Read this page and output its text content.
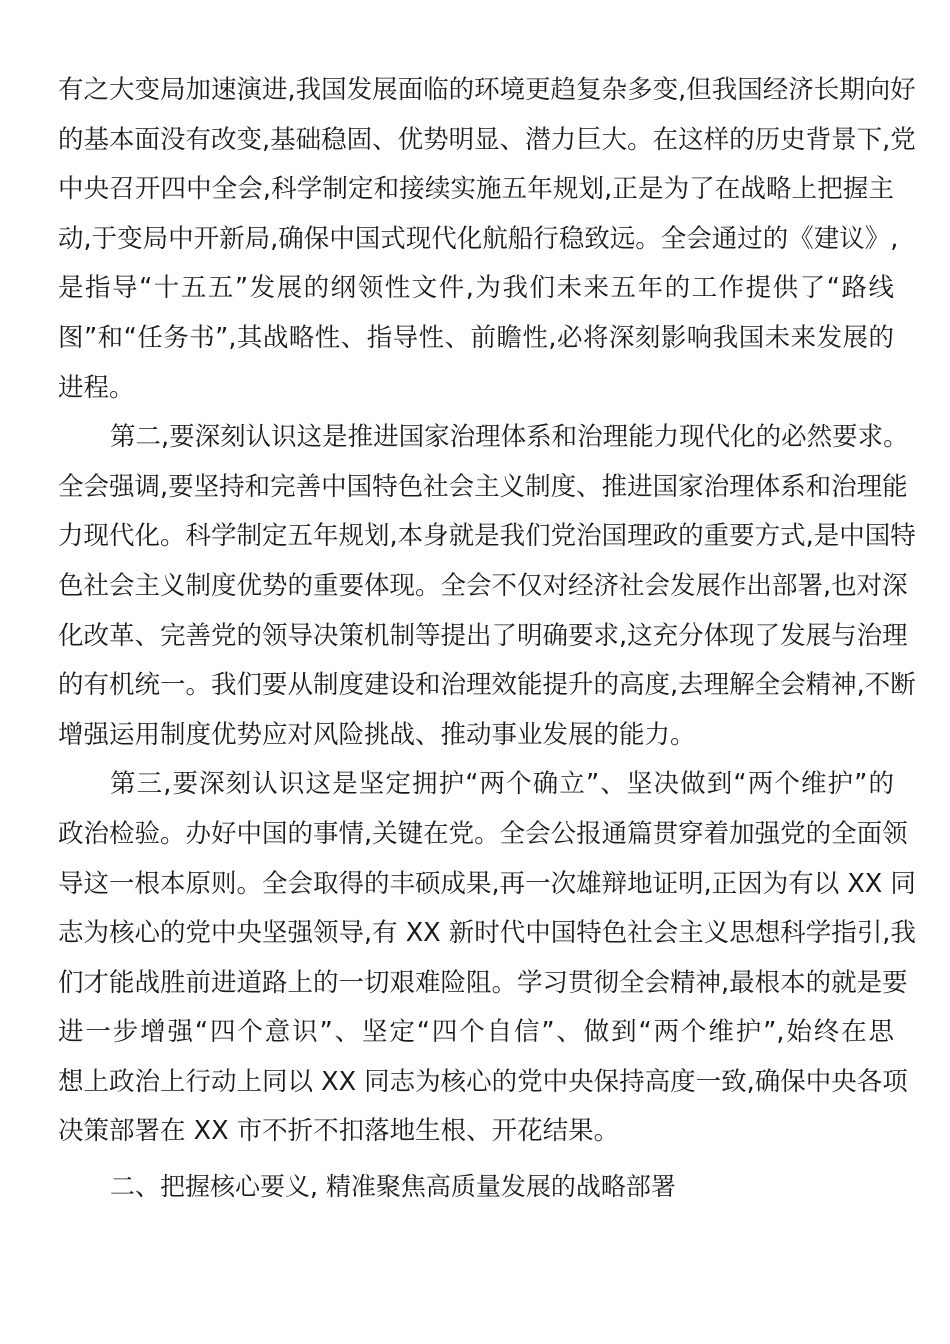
有之大变局加速演进,我国发展面临的环境更趋复杂多变,但我国经济长期向好
的基本面没有改变,基础稳固、优势明显、潜力巨大。在这样的历史背景下,党
中央召开四中全会,科学制定和接续实施五年规划,正是为了在战略上把握主
动,于变局中开新局,确保中国式现代化航船行稳致远。全会通过的《建议》,
是指导“十五五”发展的纲领性文件,为我们未来五年的工作提供了“路线
图”和“任务书”,其战略性、指导性、前瞻性,必将深刻影响我国未来发展的
进程。
第二,要深刻认识这是推进国家治理体系和治理能力现代化的必然要求。
全会强调,要坚持和完善中国特色社会主义制度、推进国家治理体系和治理能
力现代化。科学制定五年规划,本身就是我们党治国理政的重要方式,是中国特
色社会主义制度优势的重要体现。全会不仅对经济社会发展作出部署,也对深
化改革、完善党的领导决策机制等提出了明确要求,这充分体现了发展与治理
的有机统一。我们要从制度建设和治理效能提升的高度,去理解全会精神,不断
增强运用制度优势应对风险挑战、推动事业发展的能力。
第三,要深刻认识这是坚定拥护“两个确立”、坚决做到“两个维护”的
政治检验。办好中国的事情,关键在党。全会公报通篇贯穿着加强党的全面领
导这一根本原则。全会取得的丰硕成果,再一次雄辩地证明,正因为有以 XX 同
志为核心的党中央坚强领导,有 XX 新时代中国特色社会主义思想科学指引,我
们才能战胜前进道路上的一切艰难险阻。学习贯彻全会精神,最根本的就是要
进一步增强“四个意识”、坚定“四个自信”、做到“两个维护”,始终在思
想上政治上行动上同以 XX 同志为核心的党中央保持高度一致,确保中央各项
决策部署在 XX 市不折不扣落地生根、开花结果。
二、把握核心要义, 精准聚焦高质量发展的战略部署
